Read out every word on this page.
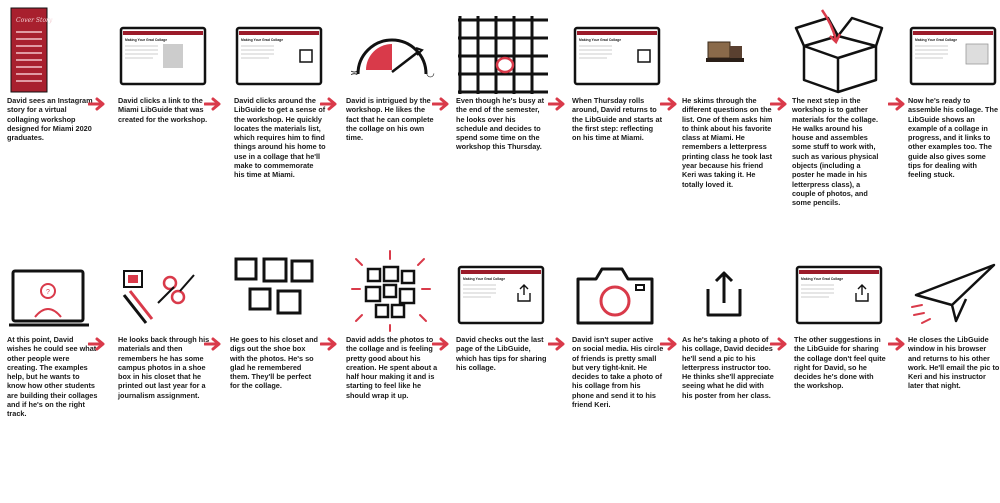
Cover Story
David sees an Instagram story for a virtual collaging workshop designed for Miami 2020 graduates.
Making Your Grad Collage
David clicks a link to the Miami LibGuide that was created for the workshop.
Making Your Grad Collage
David clicks around the LibGuide to get a sense of the workshop. He quickly locates the materials list, which requires him to find things around his home to use in a collage that he'll make to commemorate his time at Miami.
≍	◡
David is intrigued by the workshop. He likes the fact that he can complete the collage on his own time.
Even though he's busy at the end of the semester, he looks over his schedule and decides to spend some time on the workshop this Thursday.
Making Your Grad Collage
When Thursday rolls around, David returns to the LibGuide and starts at the first step: reflecting on his time at Miami.
He skims through the different questions on the list. One of them asks him to think about his favorite class at Miami. He remembers a letterpress printing class he took last year because his friend Keri was taking it. He totally loved it.
The next step in the workshop is to gather materials for the collage. He walks around his house and assembles some stuff to work with, such as various physical objects (including a poster he made in his letterpress class), a couple of photos, and some pencils.
Making Your Grad Collage
Now he's ready to assemble his collage. The LibGuide shows an example of a collage in progress, and it links to other examples too. The guide also gives some tips for dealing with feeling stuck.
?
At this point, David wishes he could see what other people were creating. The examples help, but he wants to know how other students are building their collages and if he's on the right track.
He looks back through his materials and then remembers he has some campus photos in a shoe box in his closet that he printed out last year for a journalism assignment.
He goes to his closet and digs out the shoe box with the photos. He's so glad he remembered them. They'll be perfect for the collage.
David adds the photos to the collage and is feeling pretty good about his creation. He spent about a half hour making it and is starting to feel like he should wrap it up.
Making Your Grad Collage
David checks out the last page of the LibGuide, which has tips for sharing his collage.
David isn't super active on social media. His circle of friends is pretty small but very tight-knit. He decides to take a photo of his collage from his phone and send it to his friend Keri.
As he's taking a photo of his collage, David decides he'll send a pic to his letterpress instructor too. He thinks she'll appreciate seeing what he did with his poster from her class.
Making Your Grad Collage
The other suggestions in the LibGuide for sharing the collage don't feel quite right for David, so he decides he's done with the workshop.
He closes the LibGuide window in his browser and returns to his other work. He'll email the pic to Keri and his instructor later that night.
